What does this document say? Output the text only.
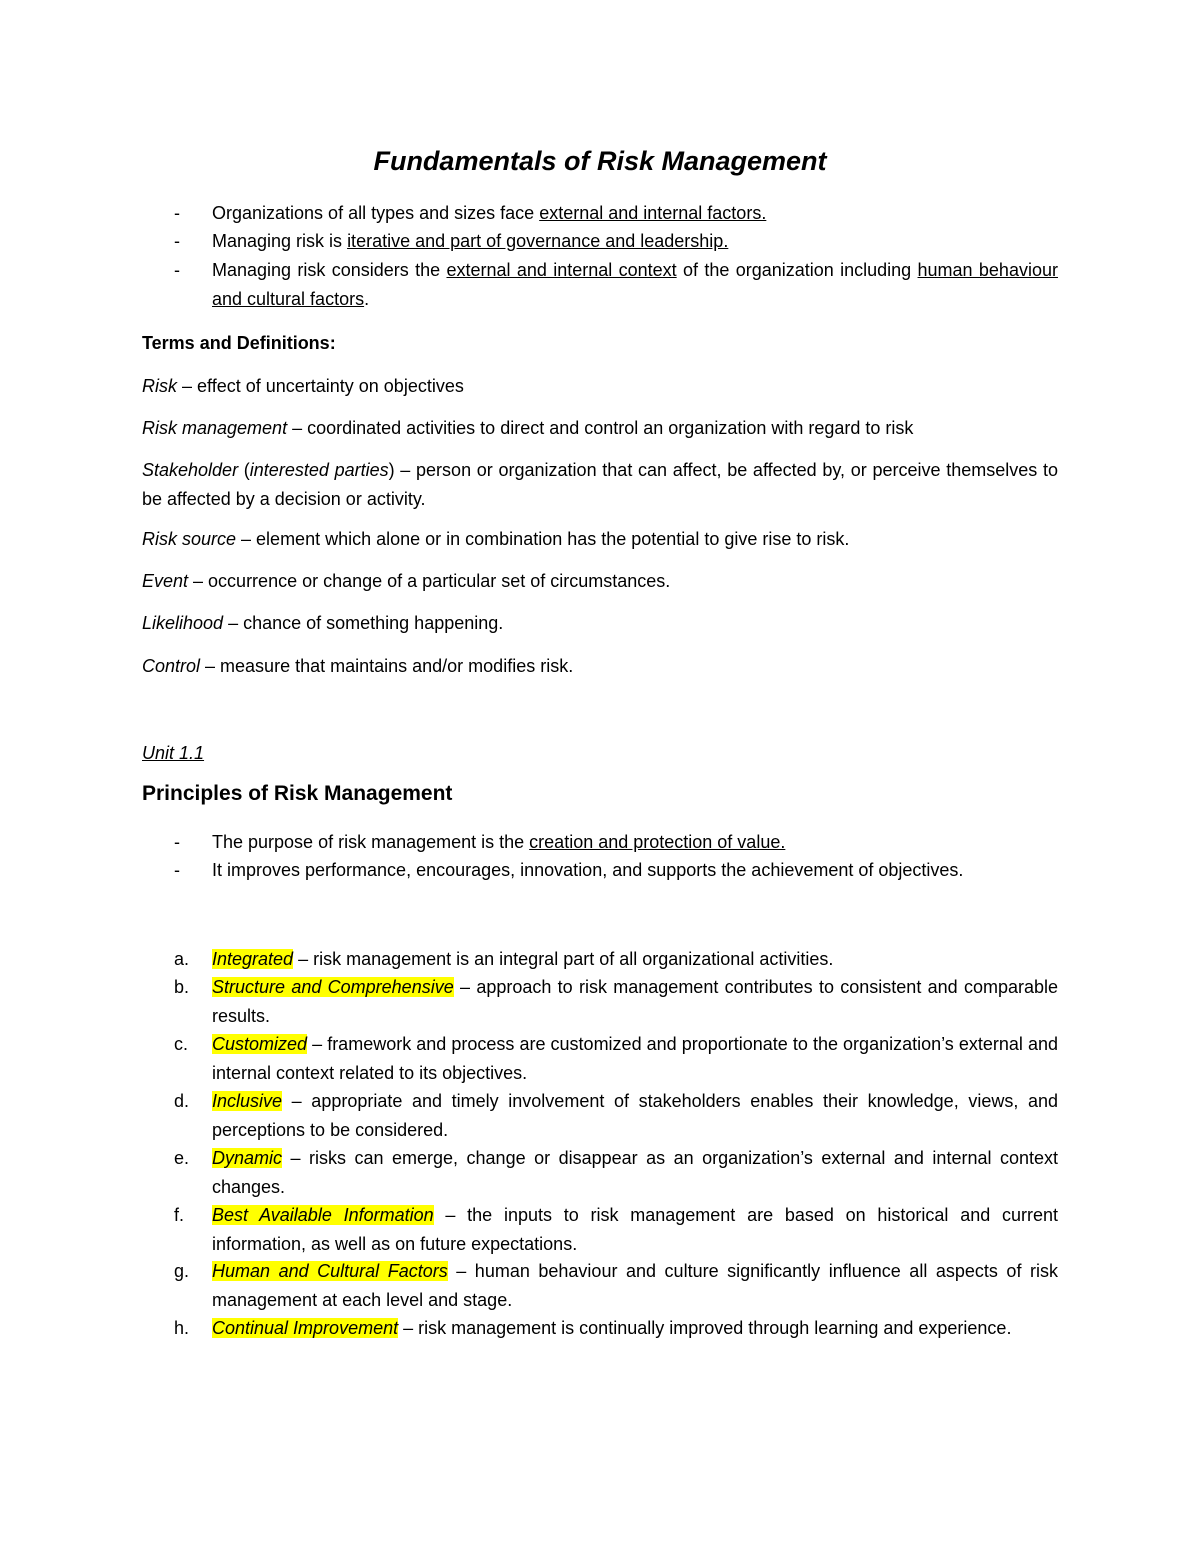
Fundamentals of Risk Management
- Organizations of all types and sizes face external and internal factors.
- Managing risk is iterative and part of governance and leadership.
- Managing risk considers the external and internal context of the organization including human behaviour and cultural factors.
Terms and Definitions:
Risk – effect of uncertainty on objectives
Risk management – coordinated activities to direct and control an organization with regard to risk
Stakeholder (interested parties) – person or organization that can affect, be affected by, or perceive themselves to be affected by a decision or activity.
Risk source – element which alone or in combination has the potential to give rise to risk.
Event – occurrence or change of a particular set of circumstances.
Likelihood – chance of something happening.
Control – measure that maintains and/or modifies risk.
Unit 1.1
Principles of Risk Management
- The purpose of risk management is the creation and protection of value.
- It improves performance, encourages, innovation, and supports the achievement of objectives.
a. Integrated – risk management is an integral part of all organizational activities.
b. Structure and Comprehensive – approach to risk management contributes to consistent and comparable results.
c. Customized – framework and process are customized and proportionate to the organization’s external and internal context related to its objectives.
d. Inclusive – appropriate and timely involvement of stakeholders enables their knowledge, views, and perceptions to be considered.
e. Dynamic – risks can emerge, change or disappear as an organization’s external and internal context changes.
f. Best Available Information – the inputs to risk management are based on historical and current information, as well as on future expectations.
g. Human and Cultural Factors – human behaviour and culture significantly influence all aspects of risk management at each level and stage.
h. Continual Improvement – risk management is continually improved through learning and experience.
